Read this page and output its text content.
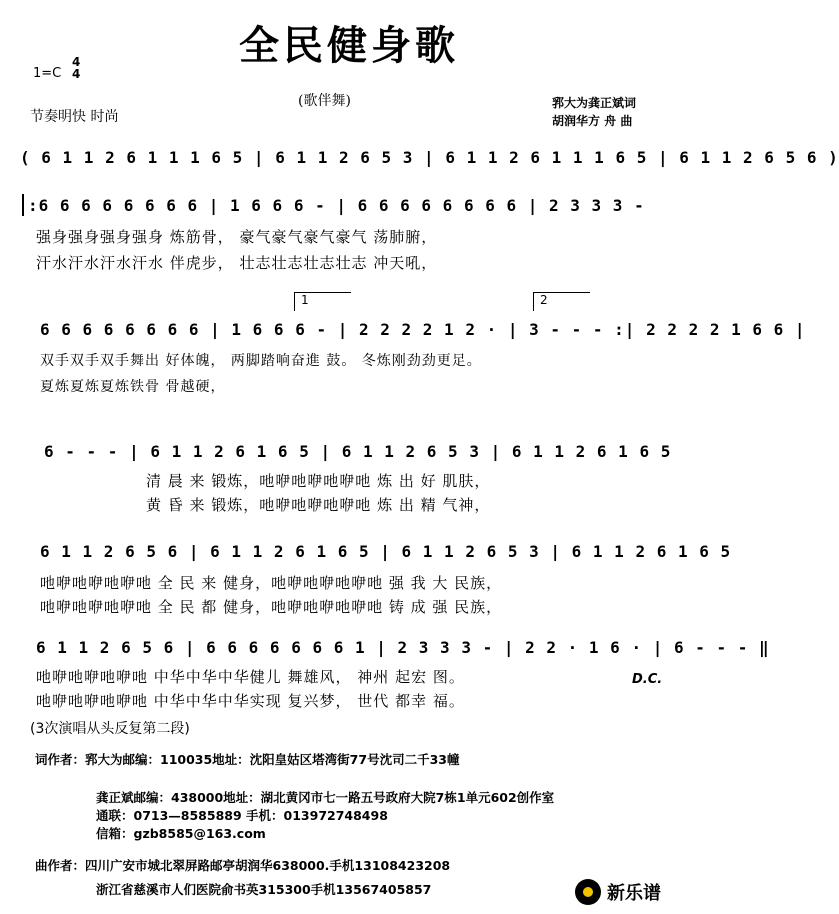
全民健身歌
1=C
4
4
节奏明快 时尚
(歌伴舞)	郛大为龚正斌词
胡润华方 舟 曲
( 6 1 1 2 6 1 1 1 6 5 | 6 1 1 2 6 5 3 | 6 1 1 2 6 1 1 1 6 5 | 6 1 1 2 6 5 6 )
:6 6 6 6 6 6 6 6 | 1 6 6 6 - | 6 6 6 6 6 6 6 6 | 2 3 3 3 -
强身强身强身强身 炼筋骨， 豪气豪气豪气豪气 荡肺腑，
汗水汗水汗水汗水 伴虎步， 壮志壮志壮志壮志 冲天吼，
1	2
6 6 6 6 6 6 6 6 | 1 6 6 6 - | 2 2 2 2 1 2 · | 3 - - - :| 2 2 2 2 1 6 6 |
双手双手双手舞出 好体魄， 两脚踏响奋進 鼓。 冬炼刚劲劲更足。
夏炼夏炼夏炼铁骨 骨越硬，
6 - - - | 6 1 1 2 6 1 6 5 | 6 1 1 2 6 5 3 | 6 1 1 2 6 1 6 5
清 晨 来 锻炼，吔咿吔咿吔咿吔 炼 出 好 肌肤，
黄 昏 来 锻炼，吔咿吔咿吔咿吔 炼 出 精 气神，
6 1 1 2 6 5 6 | 6 1 1 2 6 1 6 5 | 6 1 1 2 6 5 3 | 6 1 1 2 6 1 6 5
吔咿吔咿吔咿吔 全 民 来 健身，吔咿吔咿吔咿吔 强 我 大 民族，
吔咿吔咿吔咿吔 全 民 都 健身，吔咿吔咿吔咿吔 铸 成 强 民族，
6 1 1 2 6 5 6 | 6 6 6 6 6 6 6 1 | 2 3 3 3 - | 2 2 · 1 6 · | 6 - - - ‖
吔咿吔咿吔咿吔 中华中华中华健儿 舞雄风， 神州 起宏 图。
吔咿吔咿吔咿吔 中华中华中华实现 复兴梦， 世代 都幸 福。
D.C.
(3次演唱从头反复第二段)
词作者：郛大为邮编：110035地址：沈阳皇姑区塔湾街77号沈司二千33幢
龚正斌邮编：438000地址：湖北黄冈市七一路五号政府大院7栋1单元602创作室
通联：0713—8585889 手机：013972748498
信箱：gzb8585@163.com
曲作者：四川广安市城北翠屏路邮亭胡润华638000.手机13108423208
浙江省慈溪市人们医院俞书英315300手机13567405857	新乐谱
